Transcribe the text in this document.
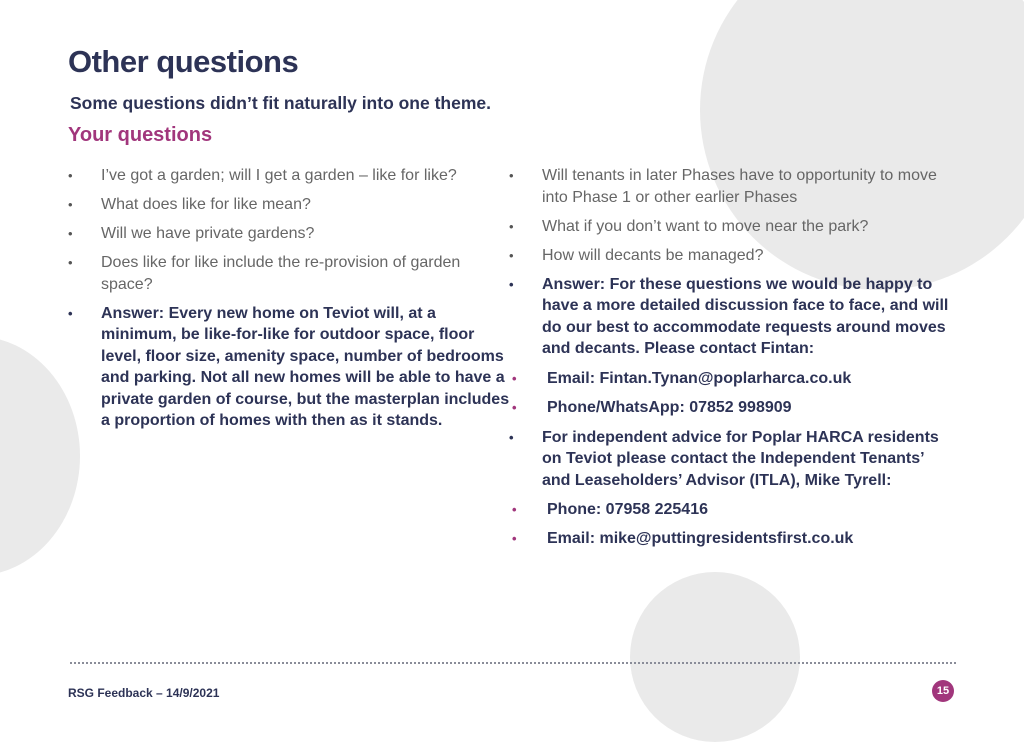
Other questions

Some questions didn’t fit naturally into one theme.

Your questions
• I’ve got a garden; will I get a garden – like for like?
• What does like for like mean?
• Will we have private gardens?
• Does like for like include the re-provision of garden space?
• Answer: Every new home on Teviot will, at a minimum, be like-for-like for outdoor space, floor level, floor size, amenity space, number of bedrooms and parking. Not all new homes will be able to have a private garden of course, but the masterplan includes a proportion of homes with then as it stands.
• Will tenants in later Phases have to opportunity to move into Phase 1 or other earlier Phases
• What if you don’t want to move near the park?
• How will decants be managed?
• Answer: For these questions we would be happy to have a more detailed discussion face to face, and will do our best to accommodate requests around moves and decants. Please contact Fintan:
• Email: Fintan.Tynan@poplarharca.co.uk
• Phone/WhatsApp: 07852 998909
• For independent advice for Poplar HARCA residents on Teviot please contact the Independent Tenants’ and Leaseholders’ Advisor (ITLA), Mike Tyrell:
• Phone: 07958 225416
• Email: mike@puttingresidentsfirst.co.uk
RSG Feedback – 14/9/2021	15
